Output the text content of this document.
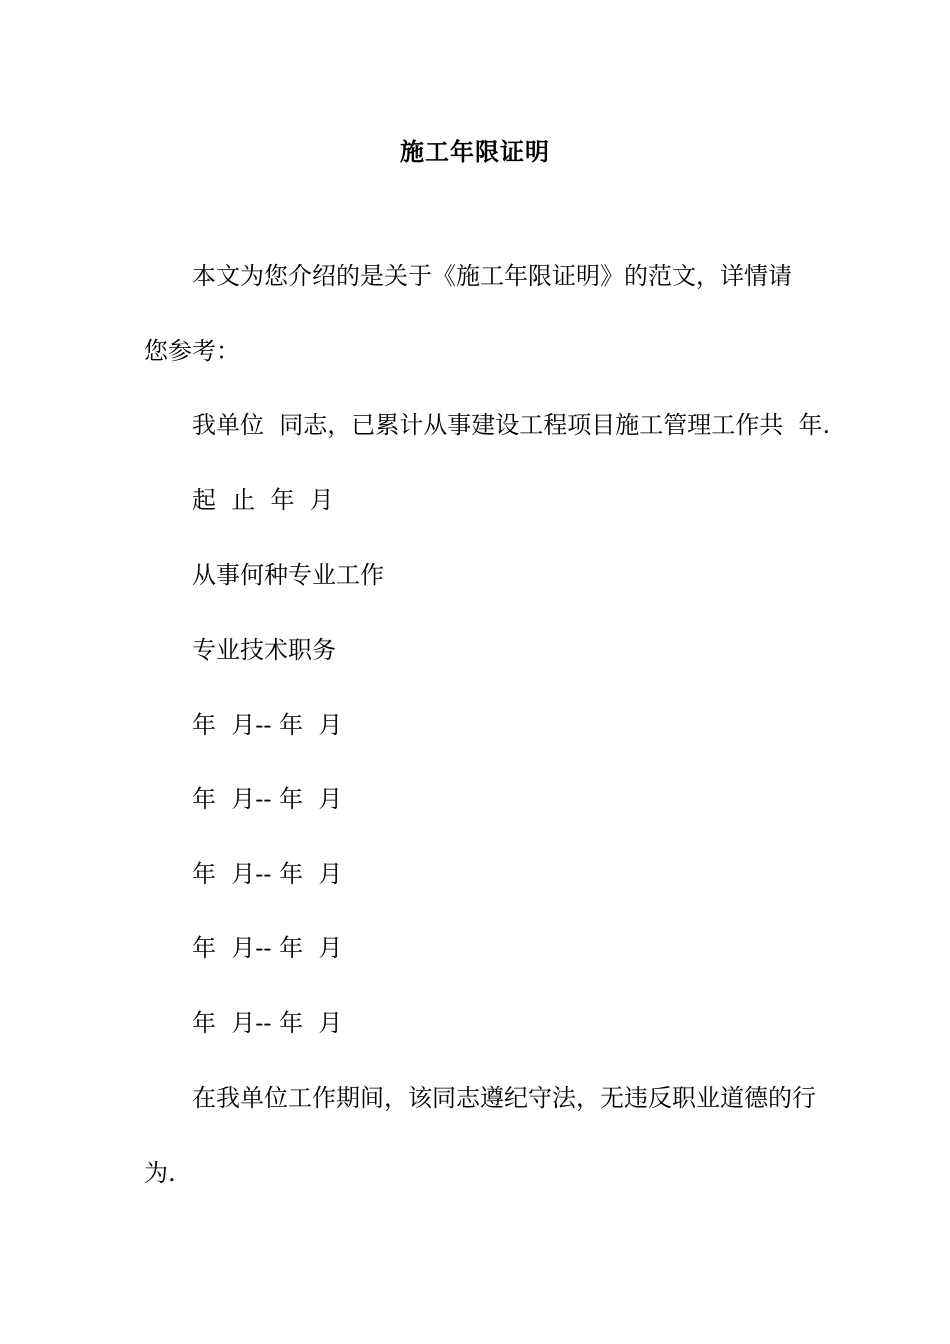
施工年限证明
本文为您介绍的是关于《施工年限证明》的范文，详情请
您参考：
我单位  同志，已累计从事建设工程项目施工管理工作共  年.
起  止  年  月
从事何种专业工作
专业技术职务
年  月-- 年  月
年  月-- 年  月
年  月-- 年  月
年  月-- 年  月
年  月-- 年  月
在我单位工作期间，该同志遵纪守法，无违反职业道德的行
为.
